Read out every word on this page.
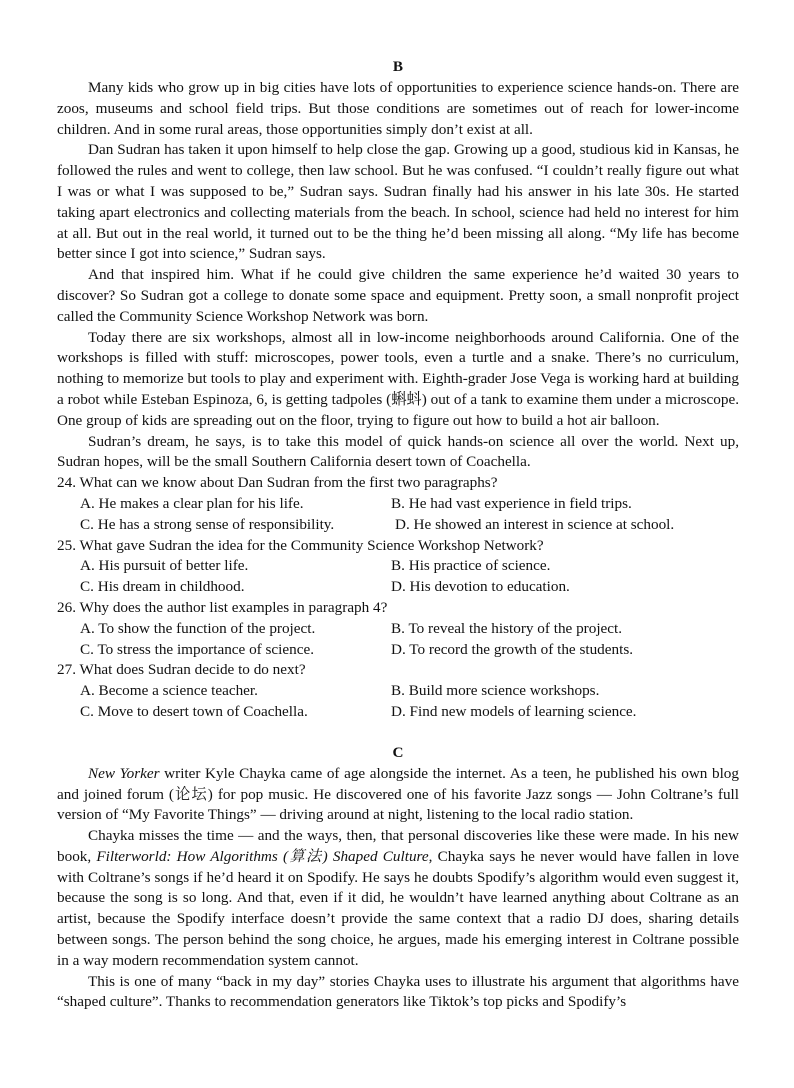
B

Many kids who grow up in big cities have lots of opportunities to experience science hands-on. There are zoos, museums and school field trips. But those conditions are sometimes out of reach for lower-income children. And in some rural areas, those opportunities simply don’t exist at all.

Dan Sudran has taken it upon himself to help close the gap. Growing up a good, studious kid in Kansas, he followed the rules and went to college, then law school. But he was confused. “I couldn’t really figure out what I was or what I was supposed to be,” Sudran says. Sudran finally had his answer in his late 30s. He started taking apart electronics and collecting materials from the beach. In school, science had held no interest for him at all. But out in the real world, it turned out to be the thing he’d been missing all along. “My life has become better since I got into science,” Sudran says.

And that inspired him. What if he could give children the same experience he’d waited 30 years to discover? So Sudran got a college to donate some space and equipment. Pretty soon, a small nonprofit project called the Community Science Workshop Network was born.

Today there are six workshops, almost all in low-income neighborhoods around California. One of the workshops is filled with stuff: microscopes, power tools, even a turtle and a snake. There’s no curriculum, nothing to memorize but tools to play and experiment with. Eighth-grader Jose Vega is working hard at building a robot while Esteban Espinoza, 6, is getting tadpoles (蝌蚪) out of a tank to examine them under a microscope. One group of kids are spreading out on the floor, trying to figure out how to build a hot air balloon.

Sudran’s dream, he says, is to take this model of quick hands-on science all over the world. Next up, Sudran hopes, will be the small Southern California desert town of Coachella.

24. What can we know about Dan Sudran from the first two paragraphs?

A. He makes a clear plan for his life.	B. He had vast experience in field trips.
C. He has a strong sense of responsibility.	D. He showed an interest in science at school.

25. What gave Sudran the idea for the Community Science Workshop Network?

A. His pursuit of better life.	B. His practice of science.
C. His dream in childhood.	D. His devotion to education.

26. Why does the author list examples in paragraph 4?

A. To show the function of the project.	B. To reveal the history of the project.
C. To stress the importance of science.	D. To record the growth of the students.

27. What does Sudran decide to do next?

A. Become a science teacher.	B. Build more science workshops.
C. Move to desert town of Coachella.	D. Find new models of learning science.
C

New Yorker writer Kyle Chayka came of age alongside the internet. As a teen, he published his own blog and joined forum (论坛) for pop music. He discovered one of his favorite Jazz songs — John Coltrane’s full version of “My Favorite Things” — driving around at night, listening to the local radio station.

Chayka misses the time — and the ways, then, that personal discoveries like these were made. In his new book, Filterworld: How Algorithms (算法) Shaped Culture, Chayka says he never would have fallen in love with Coltrane’s songs if he’d heard it on Spodify. He says he doubts Spodify’s algorithm would even suggest it, because the song is so long. And that, even if it did, he wouldn’t have learned anything about Coltrane as an artist, because the Spodify interface doesn’t provide the same context that a radio DJ does, sharing details between songs. The person behind the song choice, he argues, made his emerging interest in Coltrane possible in a way modern recommendation system cannot.

This is one of many “back in my day” stories Chayka uses to illustrate his argument that algorithms have “shaped culture”. Thanks to recommendation generators like Tiktok’s top picks and Spodify’s
